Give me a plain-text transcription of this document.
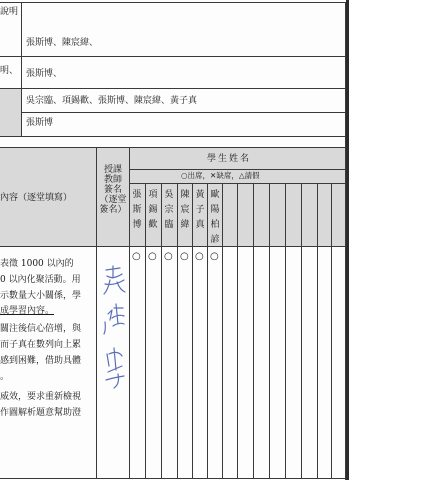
說明
張斯博、陳宸緯、
明、 張斯博、
吳宗臨、項錫歡、張斯博、陳宸緯、黃子真
張斯博
內容（逐堂填寫）
授課
教師
簽名
（逐堂
簽名）
學生姓名
○出席，✕缺席，△請假
張
斯
博
項
錫
歡
吳
宗
臨
陳
宸
緯
黃
子
真
歐
陽
柏
諺
○ ○ ○ ○ ○ ○
表徵 1000 以內的
0 以內化聚活動。用
示數量大小關係，學
成學習內容。
關注後信心倍增，與
而子真在數列向上累
感到困難，借助具體
。
威效，要求重新檢視
作圖解析題意幫助澄
